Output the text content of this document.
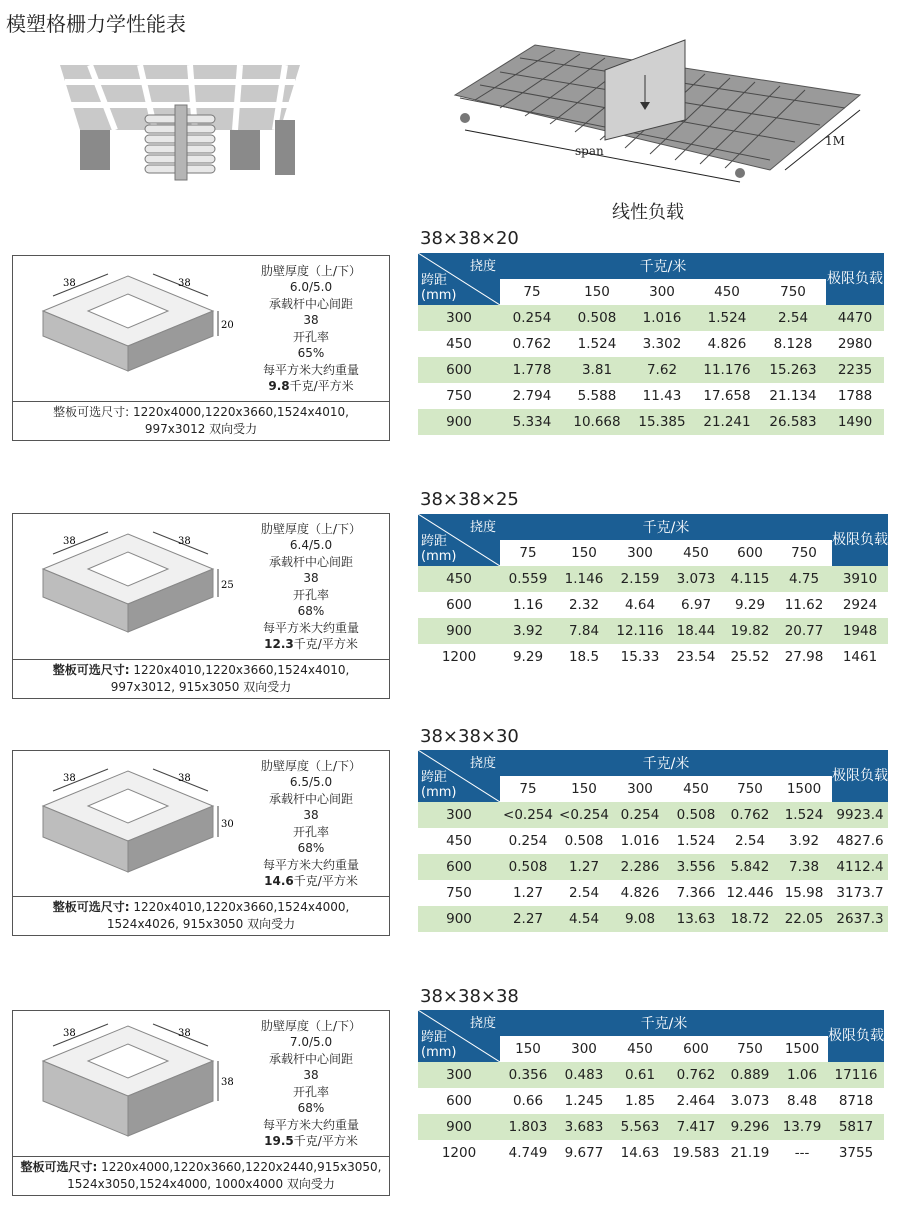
模塑格栅力学性能表
span
1M
线性负载
38	38
20
肋壁厚度（上/下）
6.0/5.0
承载杆中心间距
38
开孔率
65%
每平方米大约重量
9.8千克/平方米
整板可选尺寸: 1220x4000,1220x3660,1524x4010,
997x3012 双向受力
38	38
25
肋壁厚度（上/下）
6.4/5.0
承载杆中心间距
38
开孔率
68%
每平方米大约重量
12.3千克/平方米
整板可选尺寸: 1220x4010,1220x3660,1524x4010,
997x3012, 915x3050 双向受力
38	38
30
肋壁厚度（上/下）
6.5/5.0
承载杆中心间距
38
开孔率
68%
每平方米大约重量
14.6千克/平方米
整板可选尺寸: 1220x4010,1220x3660,1524x4000,
1524x4026, 915x3050 双向受力
38	38
38
肋壁厚度（上/下）
7.0/5.0
承载杆中心间距
38
开孔率
68%
每平方米大约重量
19.5千克/平方米
整板可选尺寸: 1220x4000,1220x3660,1220x2440,915x3050,
1524x3050,1524x4000, 1000x4000 双向受力
38×38×20
挠度
跨距
(mm)	千克/米					极限负载
	75	150	300	450	750	
300	0.254	0.508	1.016	1.524	2.54	4470
450	0.762	1.524	3.302	4.826	8.128	2980
600	1.778	3.81	7.62	11.176	15.263	2235
750	2.794	5.588	11.43	17.658	21.134	1788
900	5.334	10.668	15.385	21.241	26.583	1490
38×38×25
挠度
跨距
(mm)	千克/米						极限负载
	75	150	300	450	600	750	
450	0.559	1.146	2.159	3.073	4.115	4.75	3910
600	1.16	2.32	4.64	6.97	9.29	11.62	2924
900	3.92	7.84	12.116	18.44	19.82	20.77	1948
1200	9.29	18.5	15.33	23.54	25.52	27.98	1461
38×38×30
挠度
跨距
(mm)	千克/米						极限负载
	75	150	300	450	750	1500	
300	<0.254	<0.254	0.254	0.508	0.762	1.524	9923.4
450	0.254	0.508	1.016	1.524	2.54	3.92	4827.6
600	0.508	1.27	2.286	3.556	5.842	7.38	4112.4
750	1.27	2.54	4.826	7.366	12.446	15.98	3173.7
900	2.27	4.54	9.08	13.63	18.72	22.05	2637.3
38×38×38
挠度
跨距
(mm)	千克/米						极限负载
	150	300	450	600	750	1500	
300	0.356	0.483	0.61	0.762	0.889	1.06	17116
600	0.66	1.245	1.85	2.464	3.073	8.48	8718
900	1.803	3.683	5.563	7.417	9.296	13.79	5817
1200	4.749	9.677	14.63	19.583	21.19	---	3755
